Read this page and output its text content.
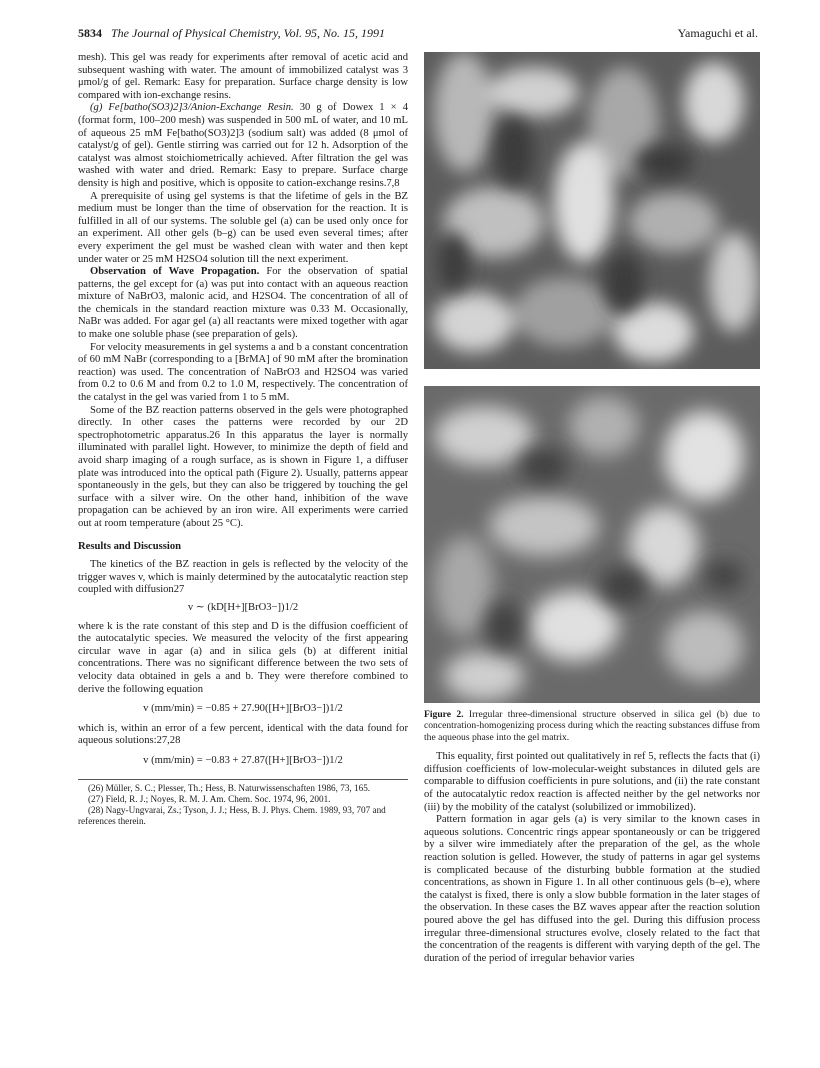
5834 The Journal of Physical Chemistry, Vol. 95, No. 15, 1991	Yamaguchi et al.

mesh). This gel was ready for experiments after removal of acetic acid and subsequent washing with water. The amount of immobilized catalyst was 3 μmol/g of gel. Remark: Easy for preparation. Surface charge density is low compared with ion-exchange resins.

(g) Fe[batho(SO3)2]3/Anion-Exchange Resin. 30 g of Dowex 1 × 4 (format form, 100–200 mesh) was suspended in 500 mL of water, and 10 mL of aqueous 25 mM Fe[batho(SO3)2]3 (sodium salt) was added (8 μmol of catalyst/g of gel). Gentle stirring was carried out for 12 h. Adsorption of the catalyst was almost stoichiometrically achieved. After filtration the gel was washed with water and dried. Remark: Easy to prepare. Surface charge density is high and positive, which is opposite to cation-exchange resins.7,8

A prerequisite of using gel systems is that the lifetime of gels in the BZ medium must be longer than the time of observation for the reaction. It is fulfilled in all of our systems. The soluble gel (a) can be used only once for an experiment. All other gels (b–g) can be used even several times; after every experiment the gel must be washed clean with water and then kept under water or 25 mM H2SO4 solution till the next experiment.

Observation of Wave Propagation. For the observation of spatial patterns, the gel except for (a) was put into contact with an aqueous reaction mixture of NaBrO3, malonic acid, and H2SO4. The concentration of all of the chemicals in the standard reaction mixture was 0.33 M. Occasionally, NaBr was added. For agar gel (a) all reactants were mixed together with agar to make one soluble phase (see preparation of gels).

For velocity measurements in gel systems a and b a constant concentration of 60 mM NaBr (corresponding to a [BrMA] of 90 mM after the bromination reaction) was used. The concentration of NaBrO3 and H2SO4 was varied from 0.2 to 0.6 M and from 0.2 to 1.0 M, respectively. The concentration of the catalyst in the gel was varied from 1 to 5 mM.

Some of the BZ reaction patterns observed in the gels were photographed directly. In other cases the patterns were recorded by our 2D spectrophotometric apparatus.26 In this apparatus the layer is normally illuminated with parallel light. However, to minimize the depth of field and avoid sharp imaging of a rough surface, as is shown in Figure 1, a diffuser plate was introduced into the optical path (Figure 2). Usually, patterns appear spontaneously in the gels, but they can also be triggered by touching the gel surface with a silver wire. On the other hand, inhibition of the wave propagation can be achieved by an iron wire. All experiments were carried out at room temperature (about 25 °C).

Results and Discussion

The kinetics of the BZ reaction in gels is reflected by the velocity of the trigger waves v, which is mainly determined by the autocatalytic reaction step coupled with diffusion27

v ∼ (kD[H+][BrO3−])1/2

where k is the rate constant of this step and D is the diffusion coefficient of the autocatalytic species. We measured the velocity of the first appearing circular wave in agar (a) and in silica gels (b) at different initial concentrations. There was no significant difference between the two sets of velocity data obtained in gels a and b. They were therefore combined to derive the following equation

v (mm/min) = −0.85 + 27.90([H+][BrO3−])1/2

which is, within an error of a few percent, identical with the data found for aqueous solutions:27,28

v (mm/min) = −0.83 + 27.87([H+][BrO3−])1/2

(26) Müller, S. C.; Plesser, Th.; Hess, B. Naturwissenschaften 1986, 73, 165.

(27) Field, R. J.; Noyes, R. M. J. Am. Chem. Soc. 1974, 96, 2001.

(28) Nagy-Ungvarai, Zs.; Tyson, J. J.; Hess, B. J. Phys. Chem. 1989, 93, 707 and references therein.

Figure 2. Irregular three-dimensional structure observed in silica gel (b) due to concentration-homogenizing process during which the reacting substances diffuse from the aqueous phase into the gel matrix.

This equality, first pointed out qualitatively in ref 5, reflects the facts that (i) diffusion coefficients of low-molecular-weight substances in diluted gels are comparable to diffusion coefficients in pure solutions, and (ii) the rate constant of the autocatalytic redox reaction is affected neither by the gel networks nor (iii) by the mobility of the catalyst (solubilized or immobilized).

Pattern formation in agar gels (a) is very similar to the known cases in aqueous solutions. Concentric rings appear spontaneously or can be triggered by a silver wire immediately after the preparation of the gel, as the whole reaction solution is gelled. However, the study of patterns in agar gel systems is complicated because of the disturbing bubble formation at the studied concentrations, as shown in Figure 1. In all other continuous gels (b–e), where the catalyst is fixed, there is only a slow bubble formation in the later stages of the observation. In these cases the BZ waves appear after the reaction solution poured above the gel has diffused into the gel. During this diffusion process irregular three-dimensional structures evolve, closely related to the fact that the concentration of the reagents is different with varying depth of the gel. The duration of the period of irregular behavior varies
